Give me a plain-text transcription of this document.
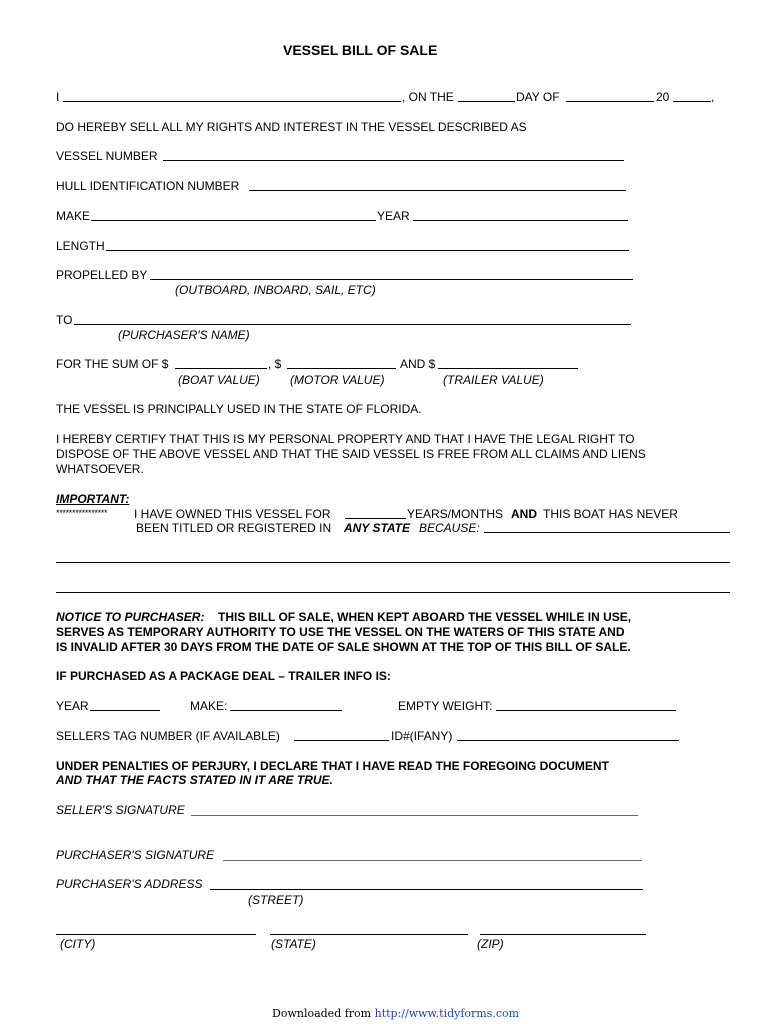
VESSEL BILL OF SALE
I	, ON THE	DAY OF	20	,
DO HEREBY SELL ALL MY RIGHTS AND INTEREST IN THE VESSEL DESCRIBED AS
VESSEL NUMBER
HULL IDENTIFICATION NUMBER
MAKE	YEAR
LENGTH
PROPELLED BY
(OUTBOARD, INBOARD, SAIL, ETC)
TO
(PURCHASER'S NAME)
FOR THE SUM OF $	, $	AND $
(BOAT VALUE)	(MOTOR VALUE)	(TRAILER VALUE)
THE VESSEL IS PRINCIPALLY USED IN THE STATE OF FLORIDA.
I HEREBY CERTIFY THAT THIS IS MY PERSONAL PROPERTY AND THAT I HAVE THE LEGAL RIGHT TO
DISPOSE OF THE ABOVE VESSEL AND THAT THE SAID VESSEL IS FREE FROM ALL CLAIMS AND LIENS
WHATSOEVER.
IMPORTANT:
**************** I HAVE OWNED THIS VESSEL FOR	YEARS/MONTHS AND THIS BOAT HAS NEVER
BEEN TITLED OR REGISTERED IN ANY STATE BECAUSE:
NOTICE TO PURCHASER: THIS BILL OF SALE, WHEN KEPT ABOARD THE VESSEL WHILE IN USE,
SERVES AS TEMPORARY AUTHORITY TO USE THE VESSEL ON THE WATERS OF THIS STATE AND
IS INVALID AFTER 30 DAYS FROM THE DATE OF SALE SHOWN AT THE TOP OF THIS BILL OF SALE.
IF PURCHASED AS A PACKAGE DEAL – TRAILER INFO IS:
YEAR	MAKE:	EMPTY WEIGHT:
SELLERS TAG NUMBER (IF AVAILABLE)	ID#(IFANY)
UNDER PENALTIES OF PERJURY, I DECLARE THAT I HAVE READ THE FOREGOING DOCUMENT
AND THAT THE FACTS STATED IN IT ARE TRUE.
SELLER'S SIGNATURE
PURCHASER'S SIGNATURE
PURCHASER'S ADDRESS
(STREET)
(CITY)	(STATE)	(ZIP)
Downloaded from http://www.tidyforms.com
